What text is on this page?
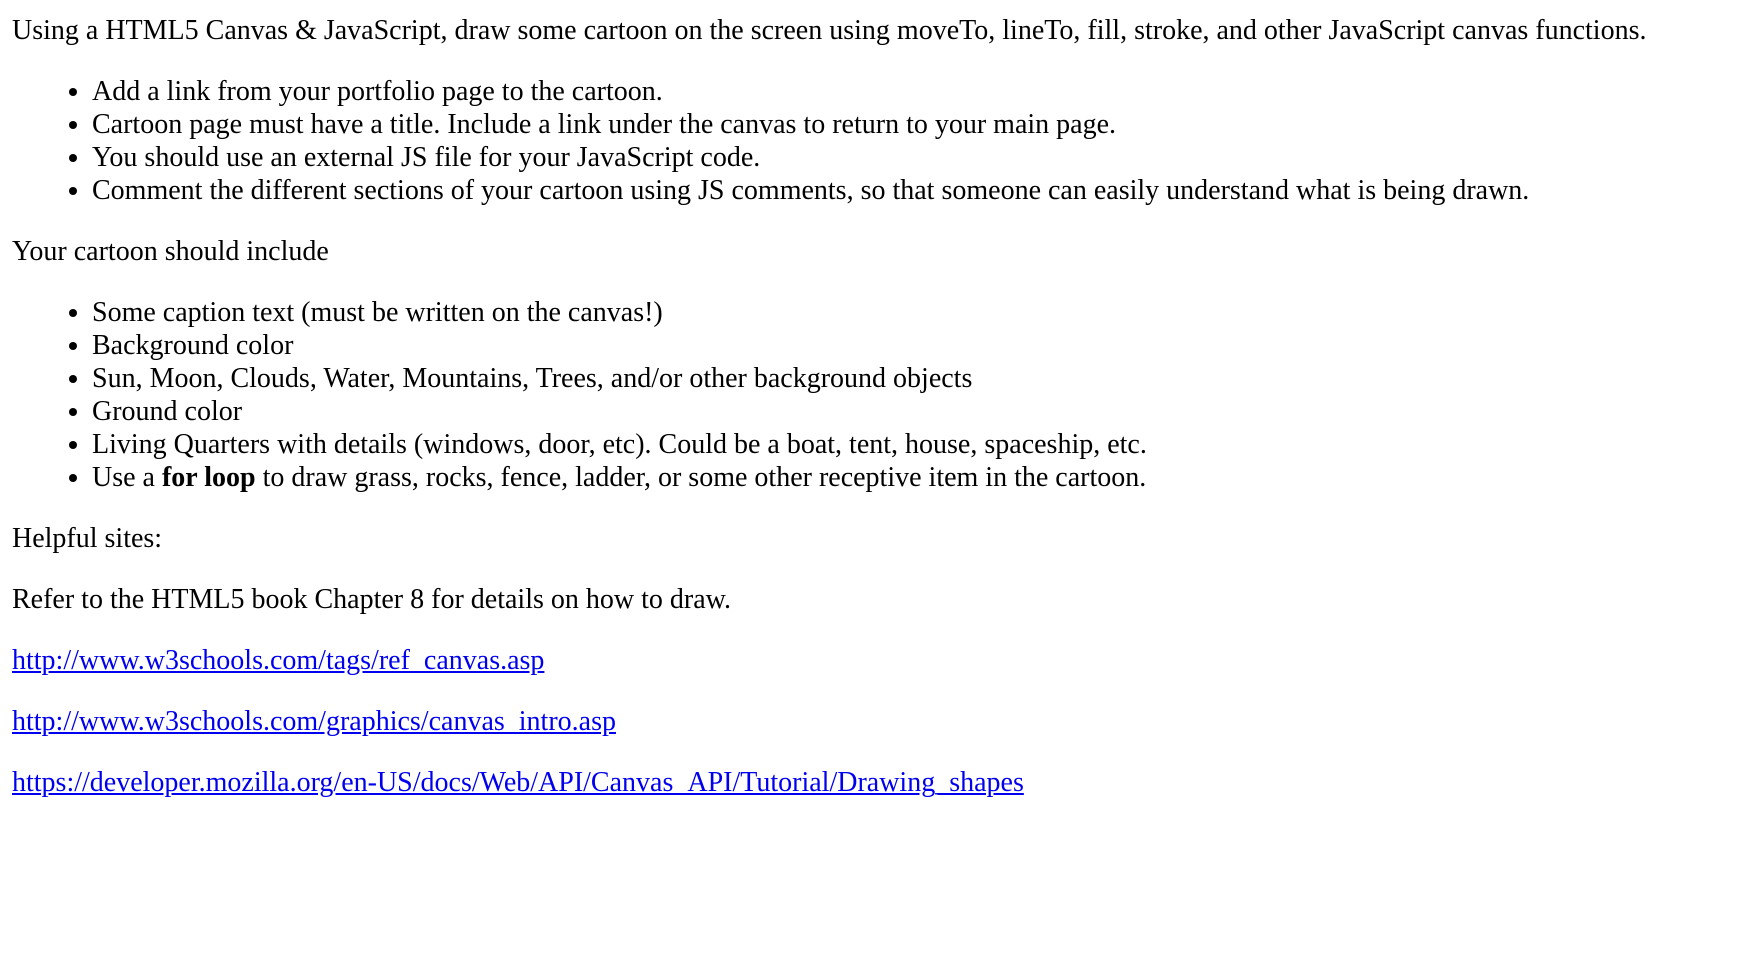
Using a HTML5 Canvas & JavaScript, draw some cartoon on the screen using moveTo, lineTo, fill, stroke, and other JavaScript canvas functions.

• Add a link from your portfolio page to the cartoon.
• Cartoon page must have a title. Include a link under the canvas to return to your main page.
• You should use an external JS file for your JavaScript code.
• Comment the different sections of your cartoon using JS comments, so that someone can easily understand what is being drawn.

Your cartoon should include

• Some caption text (must be written on the canvas!)
• Background color
• Sun, Moon, Clouds, Water, Mountains, Trees, and/or other background objects
• Ground color
• Living Quarters with details (windows, door, etc). Could be a boat, tent, house, spaceship, etc.
• Use a for loop to draw grass, rocks, fence, ladder, or some other receptive item in the cartoon.

Helpful sites:

Refer to the HTML5 book Chapter 8 for details on how to draw.

http://www.w3schools.com/tags/ref_canvas.asp

http://www.w3schools.com/graphics/canvas_intro.asp

https://developer.mozilla.org/en-US/docs/Web/API/Canvas_API/Tutorial/Drawing_shapes
